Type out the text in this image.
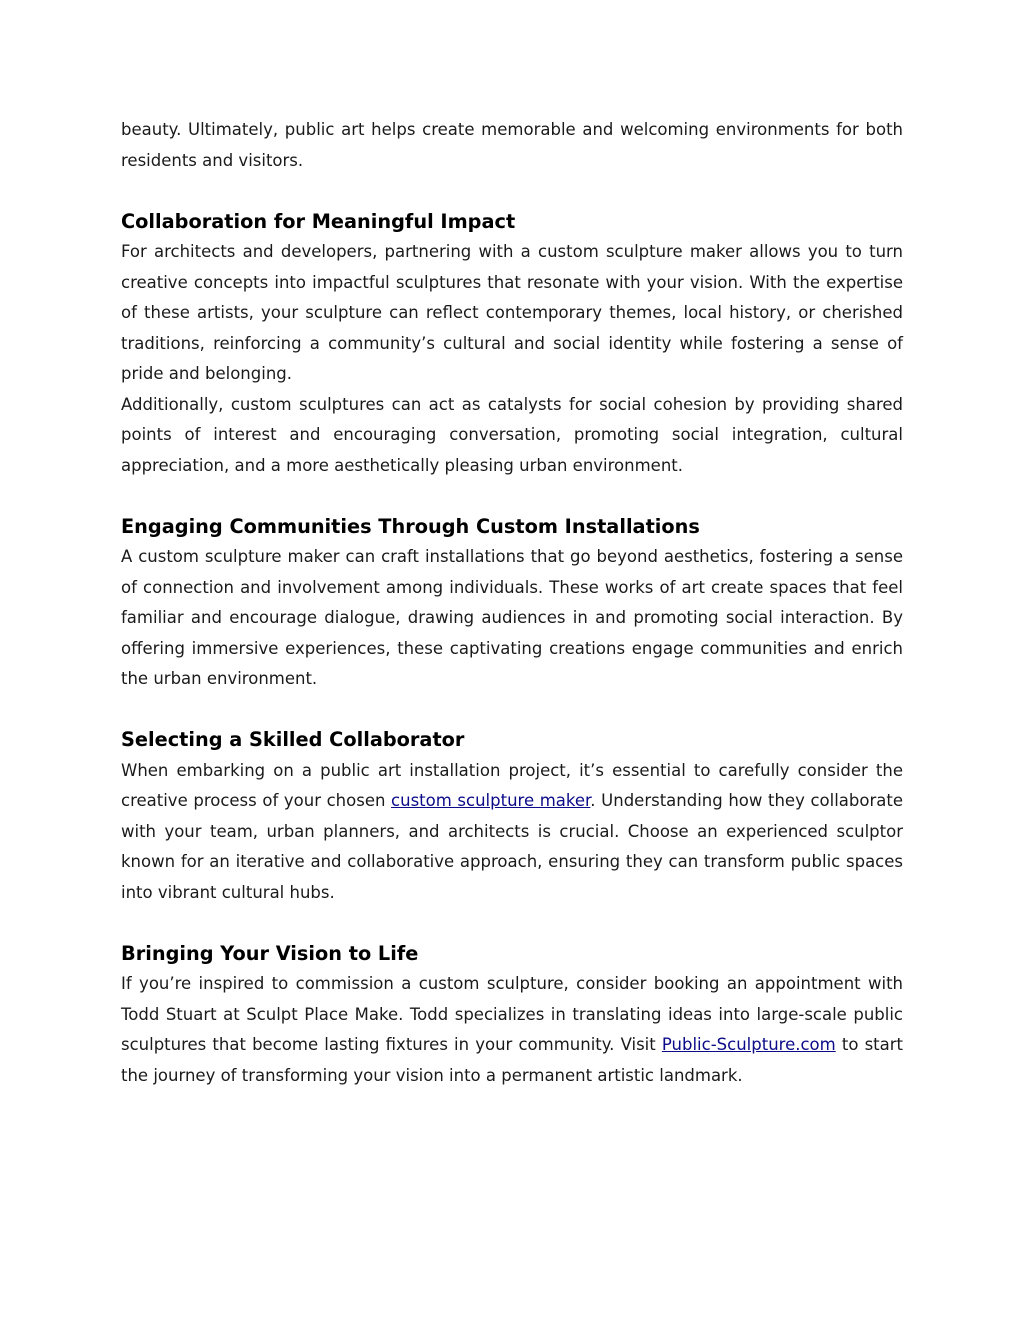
beauty. Ultimately, public art helps create memorable and welcoming environments for both residents and visitors.

Collaboration for Meaningful Impact

For architects and developers, partnering with a custom sculpture maker allows you to turn creative concepts into impactful sculptures that resonate with your vision. With the expertise of these artists, your sculpture can reflect contemporary themes, local history, or cherished traditions, reinforcing a community’s cultural and social identity while fostering a sense of pride and belonging.

Additionally, custom sculptures can act as catalysts for social cohesion by providing shared points of interest and encouraging conversation, promoting social integration, cultural appreciation, and a more aesthetically pleasing urban environment.

Engaging Communities Through Custom Installations

A custom sculpture maker can craft installations that go beyond aesthetics, fostering a sense of connection and involvement among individuals. These works of art create spaces that feel familiar and encourage dialogue, drawing audiences in and promoting social interaction. By offering immersive experiences, these captivating creations engage communities and enrich the urban environment.

Selecting a Skilled Collaborator

When embarking on a public art installation project, it’s essential to carefully consider the creative process of your chosen custom sculpture maker. Understanding how they collaborate with your team, urban planners, and architects is crucial. Choose an experienced sculptor known for an iterative and collaborative approach, ensuring they can transform public spaces into vibrant cultural hubs.

Bringing Your Vision to Life

If you’re inspired to commission a custom sculpture, consider booking an appointment with Todd Stuart at Sculpt Place Make. Todd specializes in translating ideas into large-scale public sculptures that become lasting fixtures in your community. Visit Public-Sculpture.com to start the journey of transforming your vision into a permanent artistic landmark.
